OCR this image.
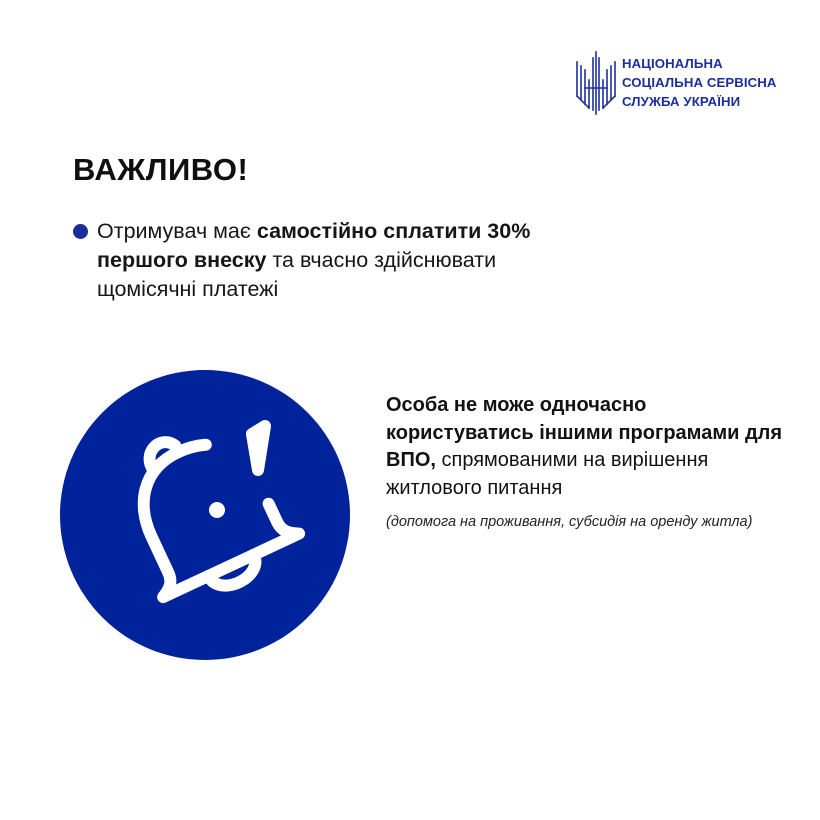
НАЦІОНАЛЬНА
СОЦІАЛЬНА СЕРВІСНА
СЛУЖБА УКРАЇНИ
ВАЖЛИВО!
Отримувач має самостійно сплатити 30% першого внеску та вчасно здійснювати щомісячні платежі
Особа не може одночасно користуватись іншими програмами для ВПО, спрямованими на вирішення житлового питання
(допомога на проживання, субсидія на оренду житла)
